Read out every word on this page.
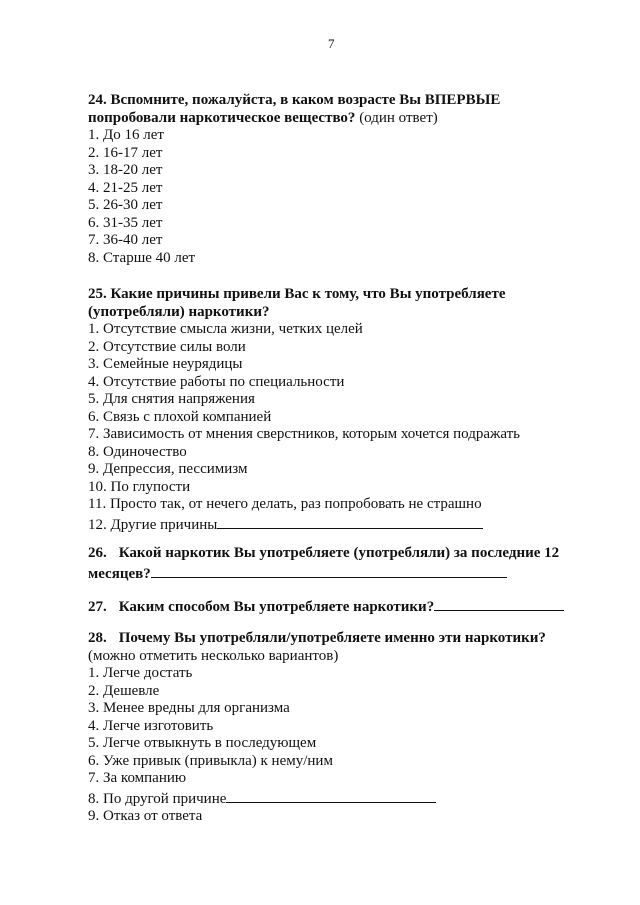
7
24. Вспомните, пожалуйста, в каком возрасте Вы ВПЕРВЫЕ попробовали наркотическое вещество? (один ответ)
1. До 16 лет
2. 16-17 лет
3. 18-20 лет
4. 21-25 лет
5. 26-30 лет
6. 31-35 лет
7. 36-40 лет
8. Старше 40 лет
25. Какие причины привели Вас к тому, что Вы употребляете (употребляли) наркотики?
1. Отсутствие смысла жизни, четких целей
2. Отсутствие силы воли
3. Семейные неурядицы
4. Отсутствие работы по специальности
5. Для снятия напряжения
6. Связь с плохой компанией
7. Зависимость от мнения сверстников, которым хочется подражать
8. Одиночество
9. Депрессия, пессимизм
10. По глупости
11. Просто так, от нечего делать, раз попробовать не страшно
12. Другие причины
26. Какой наркотик Вы употребляете (употребляли) за последние 12
месяцев?
27. Каким способом Вы употребляете наркотики?
28. Почему Вы употребляли/употребляете именно эти наркотики?
(можно отметить несколько вариантов)
1. Легче достать
2. Дешевле
3. Менее вредны для организма
4. Легче изготовить
5. Легче отвыкнуть в последующем
6. Уже привык (привыкла) к нему/ним
7. За компанию
8. По другой причине
9. Отказ от ответа
